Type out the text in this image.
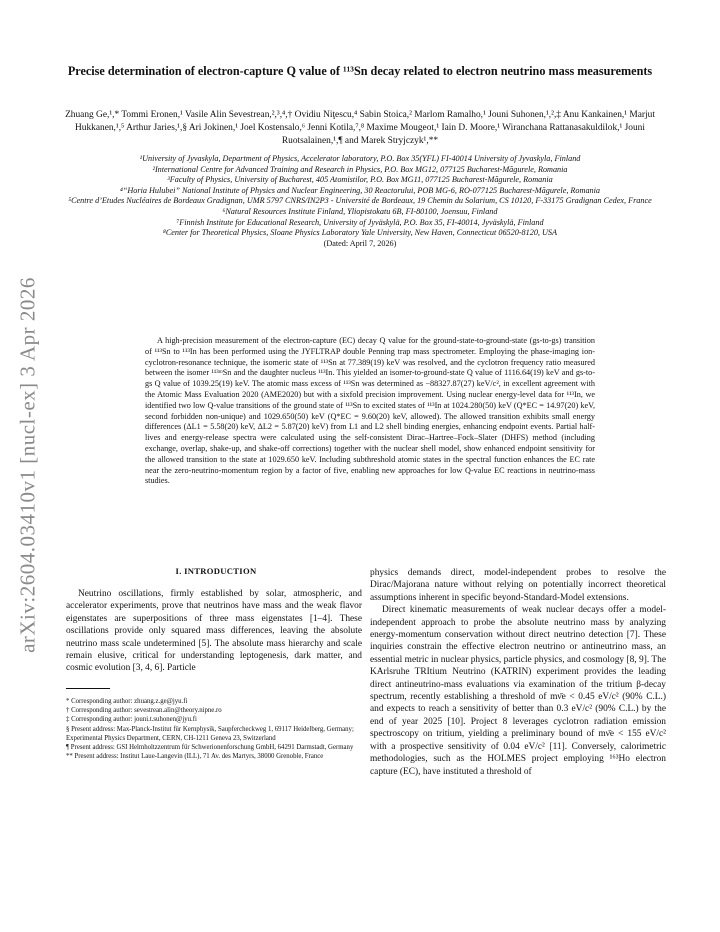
arXiv:2604.03410v1 [nucl-ex] 3 Apr 2026
Precise determination of electron-capture Q value of ¹¹³Sn decay related to electron neutrino mass measurements
Zhuang Ge,¹,* Tommi Eronen,¹ Vasile Alin Sevestrean,²,³,⁴,† Ovidiu Niţescu,⁴ Sabin Stoica,² Marlom Ramalho,¹ Jouni Suhonen,¹,²,‡ Anu Kankainen,¹ Marjut Hukkanen,¹,⁵ Arthur Jaries,¹,§ Ari Jokinen,¹ Joel Kostensalo,⁶ Jenni Kotila,⁷,⁸ Maxime Mougeot,¹ Iain D. Moore,¹ Wiranchana Rattanasakuldilok,¹ Jouni Ruotsalainen,¹,¶ and Marek Stryjczyk¹,**
¹University of Jyvaskyla, Department of Physics, Accelerator laboratory, P.O. Box 35(YFL) FI-40014 University of Jyvaskyla, Finland
²International Centre for Advanced Training and Research in Physics, P.O. Box MG12, 077125 Bucharest-Măgurele, Romania
³Faculty of Physics, University of Bucharest, 405 Atomistilor, P.O. Box MG11, 077125 Bucharest-Măgurele, Romania
⁴“Horia Hulubei” National Institute of Physics and Nuclear Engineering, 30 Reactorului, POB MG-6, RO-077125 Bucharest-Măgurele, Romania
⁵Centre d’Etudes Nucléaires de Bordeaux Gradignan, UMR 5797 CNRS/IN2P3 - Université de Bordeaux, 19 Chemin du Solarium, CS 10120, F-33175 Gradignan Cedex, France
⁶Natural Resources Institute Finland, Yliopistokatu 6B, FI-80100, Joensuu, Finland
⁷Finnish Institute for Educational Research, University of Jyväskylä, P.O. Box 35, FI-40014, Jyväskylä, Finland
⁸Center for Theoretical Physics, Sloane Physics Laboratory Yale University, New Haven, Connecticut 06520-8120, USA
(Dated: April 7, 2026)

A high-precision measurement of the electron-capture (EC) decay Q value for the ground-state-to-ground-state (gs-to-gs) transition of ¹¹³Sn to ¹¹³In has been performed using the JYFLTRAP double Penning trap mass spectrometer. Employing the phase-imaging ion-cyclotron-resonance technique, the isomeric state of ¹¹³Sn at 77.389(19) keV was resolved, and the cyclotron frequency ratio measured between the isomer ¹¹³ᵐSn and the daughter nucleus ¹¹³In. This yielded an isomer-to-ground-state Q value of 1116.64(19) keV and gs-to-gs Q value of 1039.25(19) keV. The atomic mass excess of ¹¹³Sn was determined as −88327.87(27) keV/c², in excellent agreement with the Atomic Mass Evaluation 2020 (AME2020) but with a sixfold precision improvement. Using nuclear energy-level data for ¹¹³In, we identified two low Q-value transitions of the ground state of ¹¹³Sn to excited states of ¹¹³In at 1024.280(50) keV (Q*EC = 14.97(20) keV, second forbidden non-unique) and 1029.650(50) keV (Q*EC = 9.60(20) keV, allowed). The allowed transition exhibits small energy differences (ΔL1 = 5.58(20) keV, ΔL2 = 5.87(20) keV) from L1 and L2 shell binding energies, enhancing endpoint events. Partial half-lives and energy-release spectra were calculated using the self-consistent Dirac–Hartree–Fock–Slater (DHFS) method (including exchange, overlap, shake-up, and shake-off corrections) together with the nuclear shell model, show enhanced endpoint sensitivity for the allowed transition to the state at 1029.650 keV. Including subthreshold atomic states in the spectral function enhances the EC rate near the zero-neutrino-momentum region by a factor of five, enabling new approaches for low Q-value EC reactions in neutrino-mass studies.

I. INTRODUCTION

Neutrino oscillations, firmly established by solar, atmospheric, and accelerator experiments, prove that neutrinos have mass and the weak flavor eigenstates are superpositions of three mass eigenstates [1–4]. These oscillations provide only squared mass differences, leaving the absolute neutrino mass scale undetermined [5]. The absolute mass hierarchy and scale remain elusive, critical for understanding leptogenesis, dark matter, and cosmic evolution [3, 4, 6]. Particle

* Corresponding author: zhuang.z.ge@jyu.fi
† Corresponding author: sevestrean.alin@theory.nipne.ro
‡ Corresponding author: jouni.t.suhonen@jyu.fi
§ Present address: Max-Planck-Institut für Kernphysik, Saupfercheckweg 1, 69117 Heidelberg, Germany; Experimental Physics Department, CERN, CH-1211 Geneva 23, Switzerland
¶ Present address: GSI Helmholtzzentrum für Schwerionenforschung GmbH, 64291 Darmstadt, Germany
** Present address: Institut Laue-Langevin (ILL), 71 Av. des Martyrs, 38000 Grenoble, France

physics demands direct, model-independent probes to resolve the Dirac/Majorana nature without relying on potentially incorrect theoretical assumptions inherent in specific beyond-Standard-Model extensions.

Direct kinematic measurements of weak nuclear decays offer a model-independent approach to probe the absolute neutrino mass by analyzing energy-momentum conservation without direct neutrino detection [7]. These inquiries constrain the effective electron neutrino or antineutrino mass, an essential metric in nuclear physics, particle physics, and cosmology [8, 9]. The KArlsruhe TRItium Neutrino (KATRIN) experiment provides the leading direct antineutrino-mass evaluations via examination of the tritium β-decay spectrum, recently establishing a threshold of mν̄e < 0.45 eV/c² (90% C.L.) and expects to reach a sensitivity of better than 0.3 eV/c² (90% C.L.) by the end of year 2025 [10]. Project 8 leverages cyclotron radiation emission spectroscopy on tritium, yielding a preliminary bound of mν̄e < 155 eV/c² with a prospective sensitivity of 0.04 eV/c² [11]. Conversely, calorimetric methodologies, such as the HOLMES project employing ¹⁶³Ho electron capture (EC), have instituted a threshold of
